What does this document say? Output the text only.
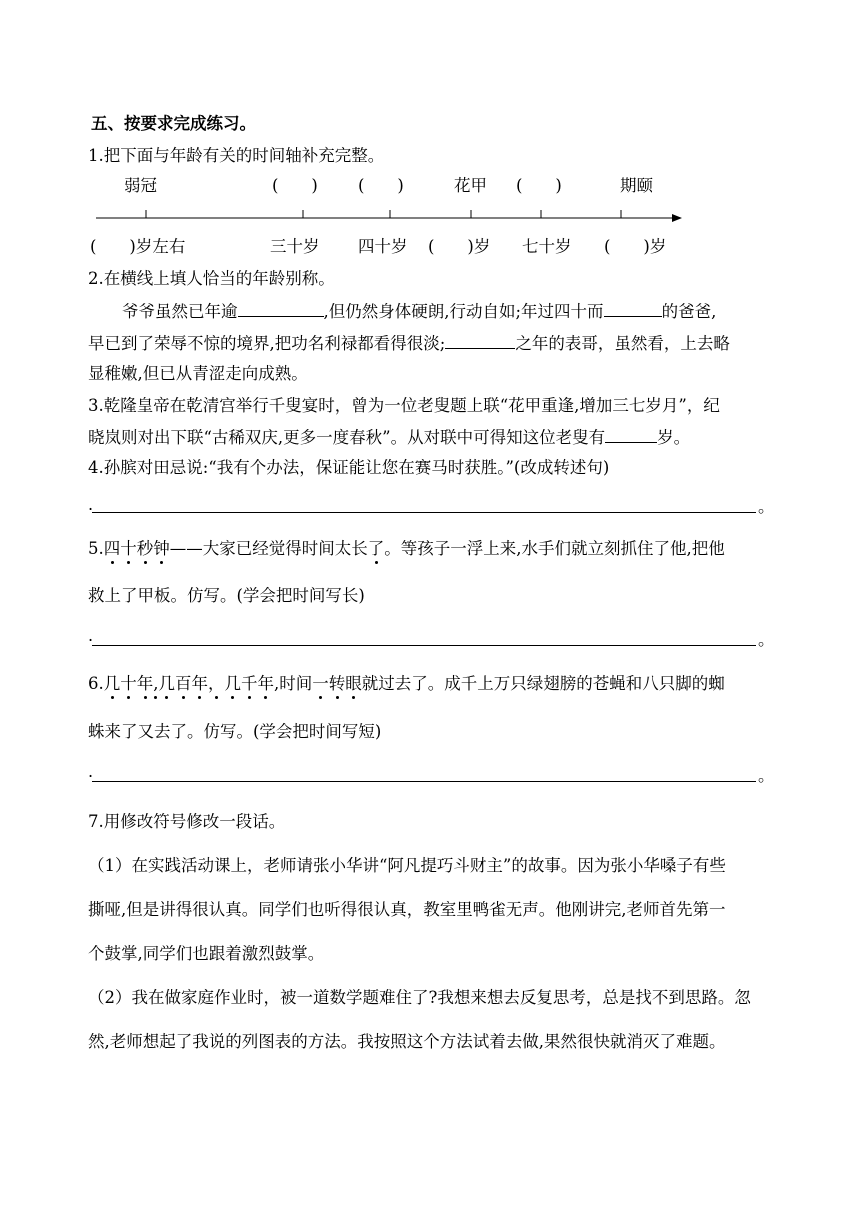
五、按要求完成练习。
1.把下面与年龄有关的时间轴补充完整。
弱冠	(　　) (　　)	花甲 (　　)	期颐
(　　)岁左右	三十岁 四十岁 (　　)岁 七十岁 (　　)岁
2.在横线上填人恰当的年龄别称。
爷爷虽然已年逾	,但仍然身体硬朗,行动自如;年过四十而	的爸爸,
早已到了荣辱不惊的境界,把功名利禄都看得很淡;	之年的表哥，虽然看，上去略
显稚嫩,但已从青涩走向成熟。
3.乾隆皇帝在乾清宫举行千叟宴时，曾为一位老叟题上联“花甲重逢,增加三七岁月”，纪
晓岚则对出下联“古稀双庆,更多一度春秋”。从对联中可得知这位老叟有	岁。
4.孙膑对田忌说:“我有个办法，保证能让您在赛马时获胜。”(改成转述句)
.	。
5.四十秒钟——大家已经觉得时间太长了。等孩子一浮上来,水手们就立刻抓住了他,把他
救上了甲板。仿写。(学会把时间写长)
.	。
6.几十年,几百年，几千年,时间一转眼就过去了。成千上万只绿翅膀的苍蝇和八只脚的蜘
蛛来了又去了。仿写。(学会把时间写短)
.	。
7.用修改符号修改一段话。
（1）在实践活动课上，老师请张小华讲“阿凡提巧斗财主”的故事。因为张小华嗓子有些
撕哑,但是讲得很认真。同学们也听得很认真，教室里鸭雀无声。他刚讲完,老师首先第一
个鼓掌,同学们也跟着激烈鼓掌。
（2）我在做家庭作业时，被一道数学题难住了?我想来想去反复思考，总是找不到思路。忽
然,老师想起了我说的列图表的方法。我按照这个方法试着去做,果然很快就消灭了难题。
